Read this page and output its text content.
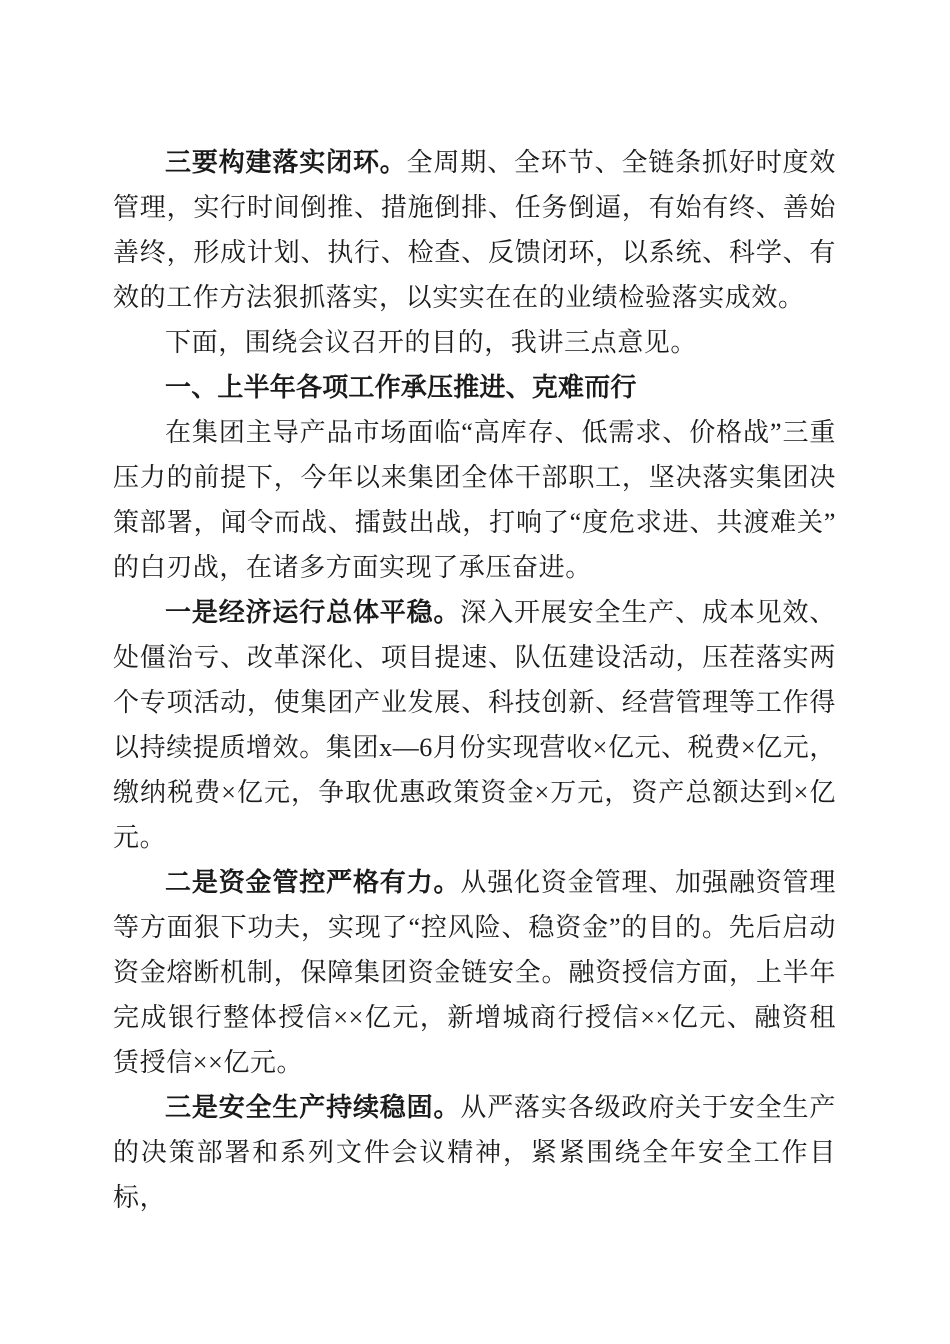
三要构建落实闭环。全周期、全环节、全链条抓好时度效管理，实行时间倒推、措施倒排、任务倒逼，有始有终、善始善终，形成计划、执行、检查、反馈闭环，以系统、科学、有效的工作方法狠抓落实，以实实在在的业绩检验落实成效。

下面，围绕会议召开的目的，我讲三点意见。

一、上半年各项工作承压推进、克难而行

在集团主导产品市场面临“高库存、低需求、价格战”三重压力的前提下，今年以来集团全体干部职工，坚决落实集团决策部署，闻令而战、擂鼓出战，打响了“度危求进、共渡难关”的白刃战，在诸多方面实现了承压奋进。

一是经济运行总体平稳。深入开展安全生产、成本见效、处僵治亏、改革深化、项目提速、队伍建设活动，压茬落实两个专项活动，使集团产业发展、科技创新、经营管理等工作得以持续提质增效。集团x—6月份实现营收×亿元、税费×亿元，缴纳税费×亿元，争取优惠政策资金×万元，资产总额达到×亿元。

二是资金管控严格有力。从强化资金管理、加强融资管理等方面狠下功夫，实现了“控风险、稳资金”的目的。先后启动资金熔断机制，保障集团资金链安全。融资授信方面，上半年完成银行整体授信××亿元，新增城商行授信××亿元、融资租赁授信××亿元。

三是安全生产持续稳固。从严落实各级政府关于安全生产的决策部署和系列文件会议精神，紧紧围绕全年安全工作目标，
